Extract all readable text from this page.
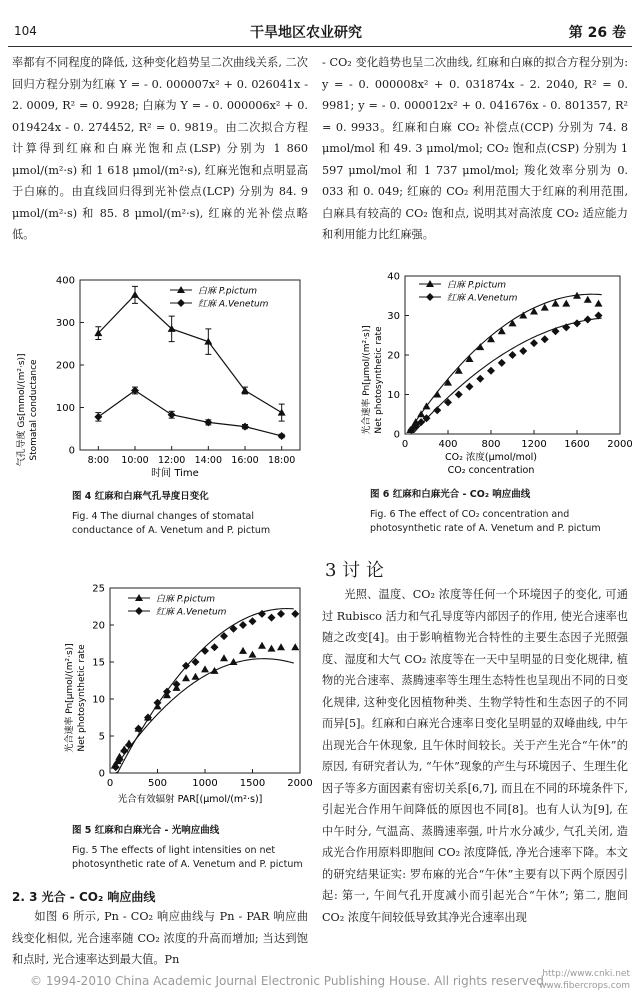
104	干旱地区农业研究	第 26 卷

率都有不同程度的降低, 这种变化趋势呈二次曲线关系, 二次回归方程分别为红麻 Y = - 0. 000007x² + 0. 026041x - 2. 0009, R² = 0. 9928; 白麻为 Y = - 0. 000006x² + 0. 019424x - 0. 274452, R² = 0. 9819。由二次拟合方程计算得到红麻和白麻光饱和点(LSP) 分别为 1 860 μmol/(m²·s) 和 1 618 μmol/(m²·s), 红麻光饱和点明显高于白麻的。由直线回归得到光补偿点(LCP) 分别为 84. 9 μmol/(m²·s) 和 85. 8 μmol/(m²·s), 红麻的光补偿点略低。

气孔导度 Gs[mmol/(m²·s)] Stomatal conductance
时间 Time
0
100
200
300
400
8:00 10:00 12:00 14:00 16:00 18:00
白麻 P.pictum
红麻 A.Venetum
图 4 红麻和白麻气孔导度日变化
Fig. 4 The diurnal changes of stomatal conductance of A. Venetum and P. pictum
光合速率 Pn[μmol/(m²·s)] Net photosynthetic rate
光合有效辐射 PAR[(μmol/(m²·s)]
0
5
10
15
20
25
0	500	1000 1500 2000
白麻 P.pictum
红麻 A.Venetum
图 5 红麻和白麻光合 - 光响应曲线
Fig. 5 The effects of light intensities on net photosynthetic rate of A. Venetum and P. pictum
2. 3 光合 - CO₂ 响应曲线

如图 6 所示, Pn - CO₂ 响应曲线与 Pn - PAR 响应曲线变化相似, 光合速率随 CO₂ 浓度的升高而增加; 当达到饱和点时, 光合速率达到最大值。Pn

- CO₂ 变化趋势也呈二次曲线, 红麻和白麻的拟合方程分别为: y = - 0. 000008x² + 0. 031874x - 2. 2040, R² = 0. 9981; y = - 0. 000012x² + 0. 041676x - 0. 801357, R² = 0. 9933。红麻和白麻 CO₂ 补偿点(CCP) 分别为 74. 8 μmol/mol 和 49. 3 μmol/mol; CO₂ 饱和点(CSP) 分别为 1 597 μmol/mol 和 1 737 μmol/mol; 羧化效率分别为 0. 033 和 0. 049; 红麻的 CO₂ 利用范围大于红麻的利用范围, 白麻具有较高的 CO₂ 饱和点, 说明其对高浓度 CO₂ 适应能力和利用能力比红麻强。

光合速率 Pn[μmol/(m²·s)] Net photosynthetic rate
CO₂ 浓度(μmol/mol)
CO₂ concentration
0
10
20
30
40
0	400 800 1200 1600 2000
白麻 P.pictum
红麻 A.Venetum
图 6 红麻和白麻光合 - CO₂ 响应曲线
Fig. 6 The effect of CO₂ concentration and photosynthetic rate of A. Venetum and P. pictum
3 讨 论

光照、温度、CO₂ 浓度等任何一个环境因子的变化, 可通过 Rubisco 活力和气孔导度等内部因子的作用, 使光合速率也随之改变[4]。由于影响植物光合特性的主要生态因子光照强度、湿度和大气 CO₂ 浓度等在一天中呈明显的日变化规律, 植物的光合速率、蒸腾速率等生理生态特性也呈现出不同的日变化规律, 这种变化因植物种类、生物学特性和生态因子的不同而异[5]。红麻和白麻光合速率日变化呈明显的双峰曲线, 中午出现光合午休现象, 且午休时间较长。关于产生光合“午休”的原因, 有研究者认为, “午休”现象的产生与环境因子、生理生化因子等多方面因素有密切关系[6,7], 而且在不同的环境条件下, 引起光合作用午间降低的原因也不同[8]。也有人认为[9], 在中午时分, 气温高、蒸腾速率强, 叶片水分减少, 气孔关闭, 造成光合作用原料即胞间 CO₂ 浓度降低, 净光合速率下降。本文的研究结果证实: 罗布麻的光合“午休”主要有以下两个原因引起: 第一, 午间气孔开度减小而引起光合“午休”; 第二, 胞间 CO₂ 浓度午间较低导致其净光合速率出现

© 1994-2010 China Academic Journal Electronic Publishing House. All rights reserved.
http://www.cnki.net
www.fibercrops.com
